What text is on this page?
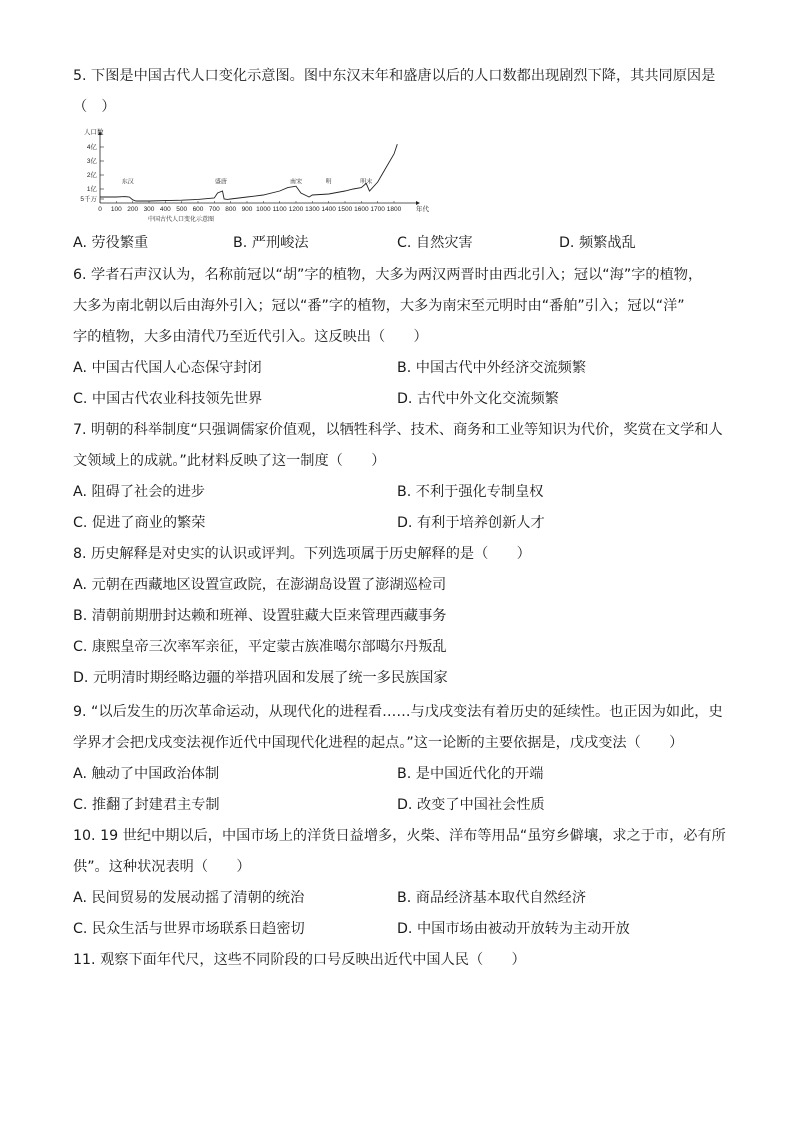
5. 下图是中国古代人口变化示意图。图中东汉末年和盛唐以后的人口数都出现剧烈下降，其共同原因是
（　）
5千万
1亿
2亿
3亿
4亿
0 100 200 300 400 500 600 700 800 900 1000 1100 1200 1300 1400 1500 1600 1700 1800
东汉	盛唐	南宋	明	明末
人口数
年代
中国古代人口变化示意图
A. 劳役繁重	B. 严刑峻法	C. 自然灾害	D. 频繁战乱
6. 学者石声汉认为，名称前冠以“胡”字的植物，大多为两汉两晋时由西北引入；冠以“海”字的植物，
大多为南北朝以后由海外引入；冠以“番”字的植物，大多为南宋至元明时由“番舶”引入；冠以“洋”
字的植物，大多由清代乃至近代引入。这反映出（　　）
A. 中国古代国人心态保守封闭	B. 中国古代中外经济交流频繁
C. 中国古代农业科技领先世界	D. 古代中外文化交流频繁
7. 明朝的科举制度“只强调儒家价值观，以牺牲科学、技术、商务和工业等知识为代价，奖赏在文学和人
文领域上的成就。”此材料反映了这一制度（　　）
A. 阻碍了社会的进步	B. 不利于强化专制皇权
C. 促进了商业的繁荣	D. 有利于培养创新人才
8. 历史解释是对史实的认识或评判。下列选项属于历史解释的是（　　）
A. 元朝在西藏地区设置宣政院，在澎湖岛设置了澎湖巡检司
B. 清朝前期册封达赖和班禅、设置驻藏大臣来管理西藏事务
C. 康熙皇帝三次率军亲征，平定蒙古族准噶尔部噶尔丹叛乱
D. 元明清时期经略边疆的举措巩固和发展了统一多民族国家
9. “以后发生的历次革命运动，从现代化的进程看……与戊戌变法有着历史的延续性。也正因为如此，史
学界才会把戊戌变法视作近代中国现代化进程的起点。”这一论断的主要依据是，戊戌变法（　　）
A. 触动了中国政治体制	B. 是中国近代化的开端
C. 推翻了封建君主专制	D. 改变了中国社会性质
10. 19 世纪中期以后，中国市场上的洋货日益增多，火柴、洋布等用品“虽穷乡僻壤，求之于市，必有所
供”。这种状况表明（　　）
A. 民间贸易的发展动摇了清朝的统治	B. 商品经济基本取代自然经济
C. 民众生活与世界市场联系日趋密切	D. 中国市场由被动开放转为主动开放
11. 观察下面年代尺，这些不同阶段的口号反映出近代中国人民（　　）
